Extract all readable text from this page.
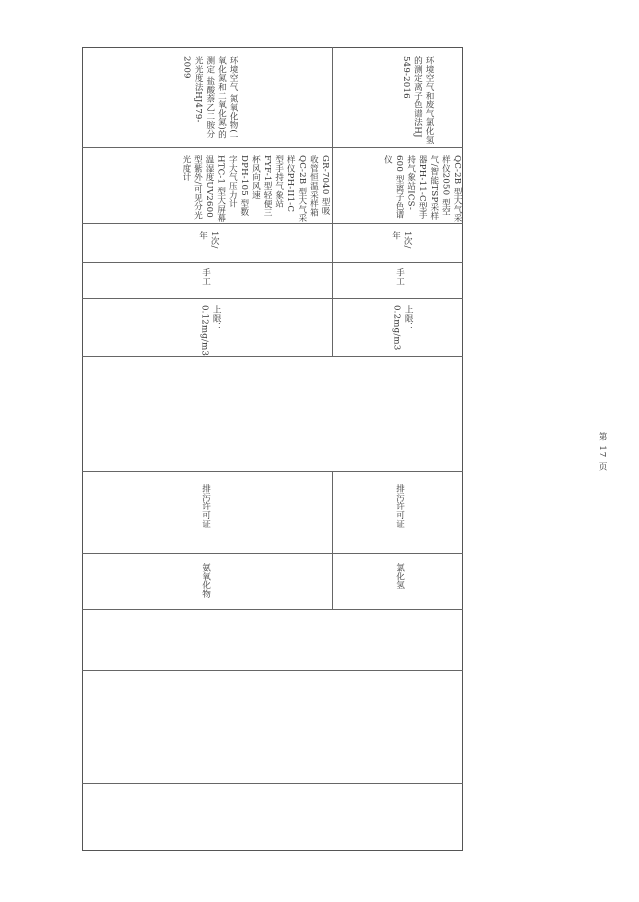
氨氧化物
排污许可证
上限：0.12mg/m3
手工
1次/年
GR-7040 型吸收管恒温采样箱QC-2B 型大气采样仪PH-II1-C 型手持气象站FYF-1型轻便三杯风向风速 DPH-105 型数字大气压力计HTC-1 型大屏幕温湿度UV2600 型紫外/可见分光光度计
环境空气 氮氧化物(一氧化氮和二氧化氮)的测定 盐酸萘乙二胺分光光度法HJ479-2009
氯化氢
排污许可证
上限：0.2mg/m3
手工
1次/年
QC-2B 型大气采样仪2050 型空气/智能TSP采样器PH-11-C型手持气象站ICS-600 型离子色谱仪
环境空气和废气氯化氢的测定离子色谱法HJ 549-2016
第 17 页
